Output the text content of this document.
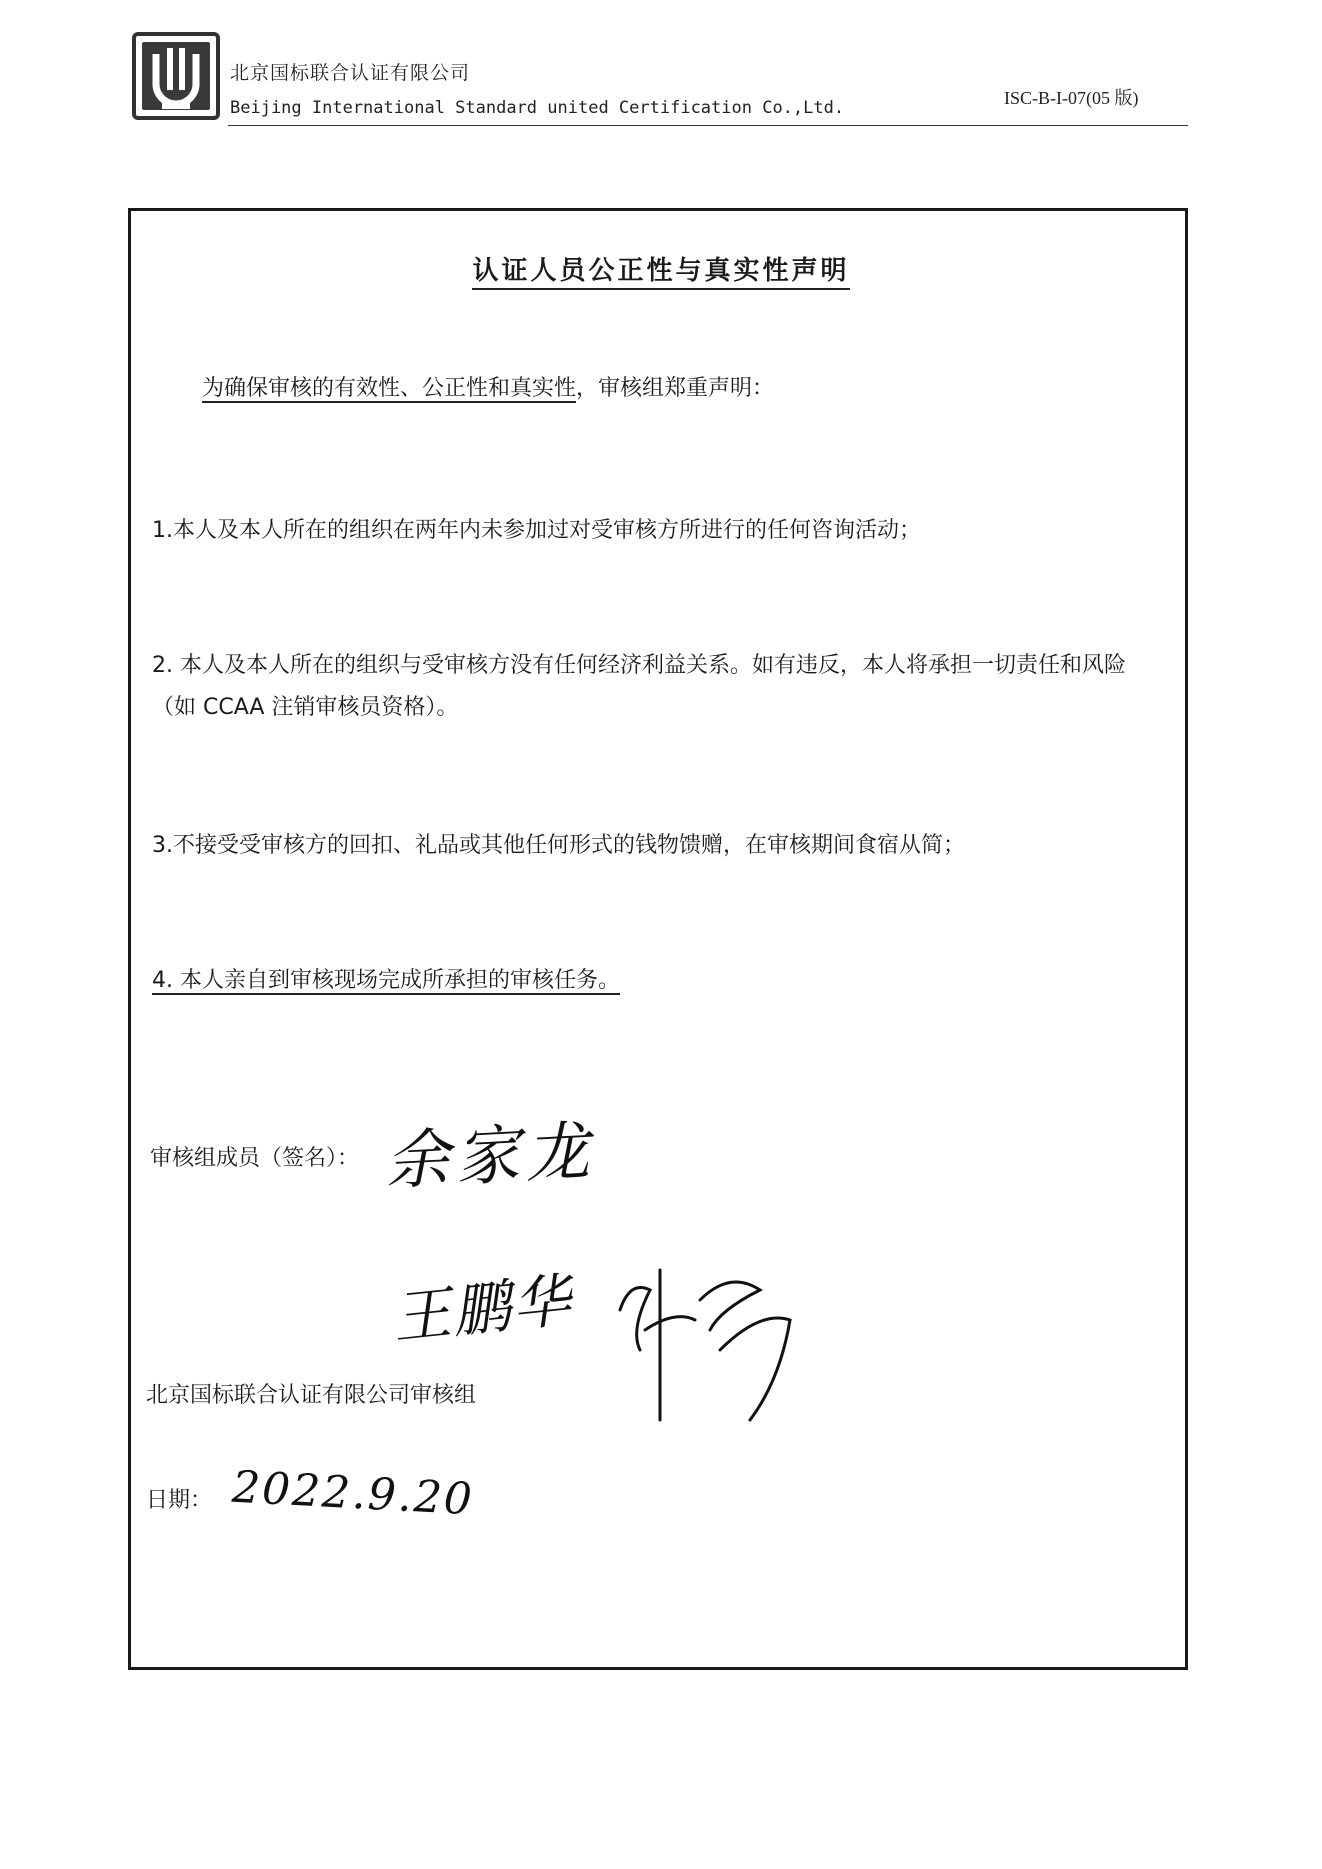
北京国标联合认证有限公司
Beijing International Standard united Certification Co.,Ltd.	ISC-B-I-07(05 版)
认证人员公正性与真实性声明
为确保审核的有效性、公正性和真实性，审核组郑重声明：
1.本人及本人所在的组织在两年内未参加过对受审核方所进行的任何咨询活动；
2. 本人及本人所在的组织与受审核方没有任何经济利益关系。如有违反，本人将承担一切责任和风险（如 CCAA 注销审核员资格）。
3.不接受受审核方的回扣、礼品或其他任何形式的钱物馈赠，在审核期间食宿从简；
4. 本人亲自到审核现场完成所承担的审核任务。
审核组成员（签名）： 余家龙
王鹏华
北京国标联合认证有限公司审核组
日期： 2022.9.20
